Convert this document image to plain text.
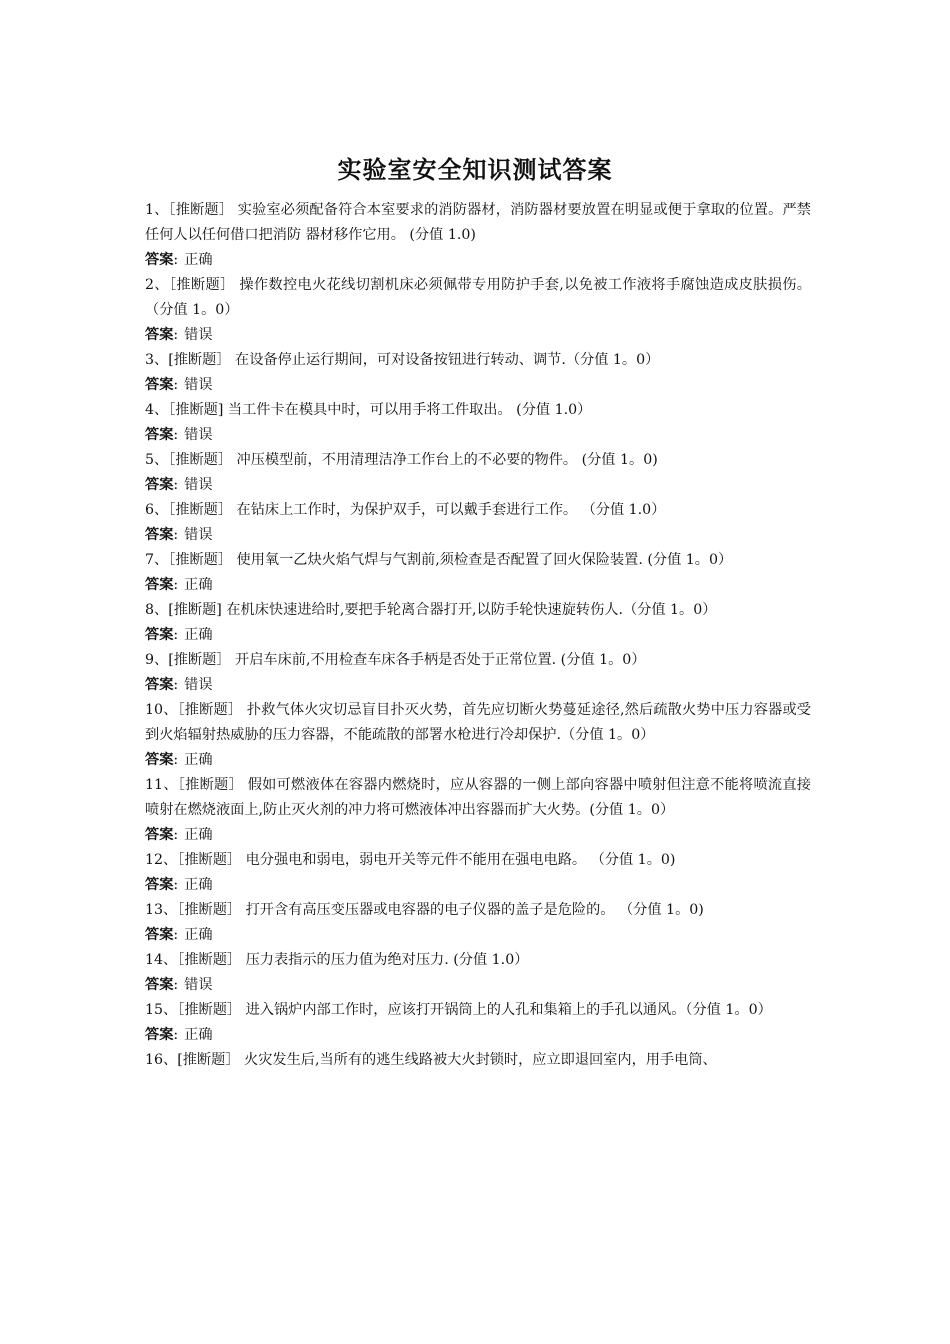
实验室安全知识测试答案

1、［推断题］ 实验室必须配备符合本室要求的消防器材，消防器材要放置在明显或便于拿取的位置。严禁任何人以任何借口把消防 器材移作它用。 (分值 1.0)

答案: 正确

2、［推断题］ 操作数控电火花线切割机床必须佩带专用防护手套,以免被工作液将手腐蚀造成皮肤损伤。 （分值 1。0）

答案: 错误

3、[推断题］ 在设备停止运行期间，可对设备按钮进行转动、调节.（分值 1。0）

答案: 错误

4、［推断题] 当工件卡在模具中时，可以用手将工件取出。 (分值 1.0）

答案: 错误

5、［推断题］ 冲压模型前，不用清理洁净工作台上的不必要的物件。 (分值 1。0)

答案: 错误

6、［推断题］ 在钻床上工作时，为保护双手，可以戴手套进行工作。 （分值 1.0）

答案: 错误

7、［推断题］ 使用氧一乙炔火焰气焊与气割前,须检查是否配置了回火保险装置. (分值 1。0）

答案: 正确

8、[推断题] 在机床快速进给时,要把手轮离合器打开,以防手轮快速旋转伤人.（分值 1。0）

答案: 正确

9、[推断题］ 开启车床前,不用检查车床各手柄是否处于正常位置. (分值 1。0）

答案: 错误

10、［推断题］ 扑救气体火灾切忌盲目扑灭火势，首先应切断火势蔓延途径,然后疏散火势中压力容器或受到火焰辐射热威胁的压力容器，不能疏散的部署水枪进行冷却保护.（分值 1。0）

答案: 正确

11、［推断题］ 假如可燃液体在容器内燃烧时，应从容器的一侧上部向容器中喷射但注意不能将喷流直接喷射在燃烧液面上,防止灭火剂的冲力将可燃液体冲出容器而扩大火势。(分值 1。0）

答案: 正确

12、［推断题］ 电分强电和弱电，弱电开关等元件不能用在强电电路。 （分值 1。0)

答案: 正确

13、［推断题］ 打开含有高压变压器或电容器的电子仪器的盖子是危险的。 （分值 1。0)

答案: 正确

14、［推断题］ 压力表指示的压力值为绝对压力. (分值 1.0）

答案: 错误

15、［推断题］ 进入锅炉内部工作时，应该打开锅筒上的人孔和集箱上的手孔以通风。（分值 1。0）

答案: 正确

16、[推断题］ 火灾发生后,当所有的逃生线路被大火封锁时，应立即退回室内，用手电筒、
